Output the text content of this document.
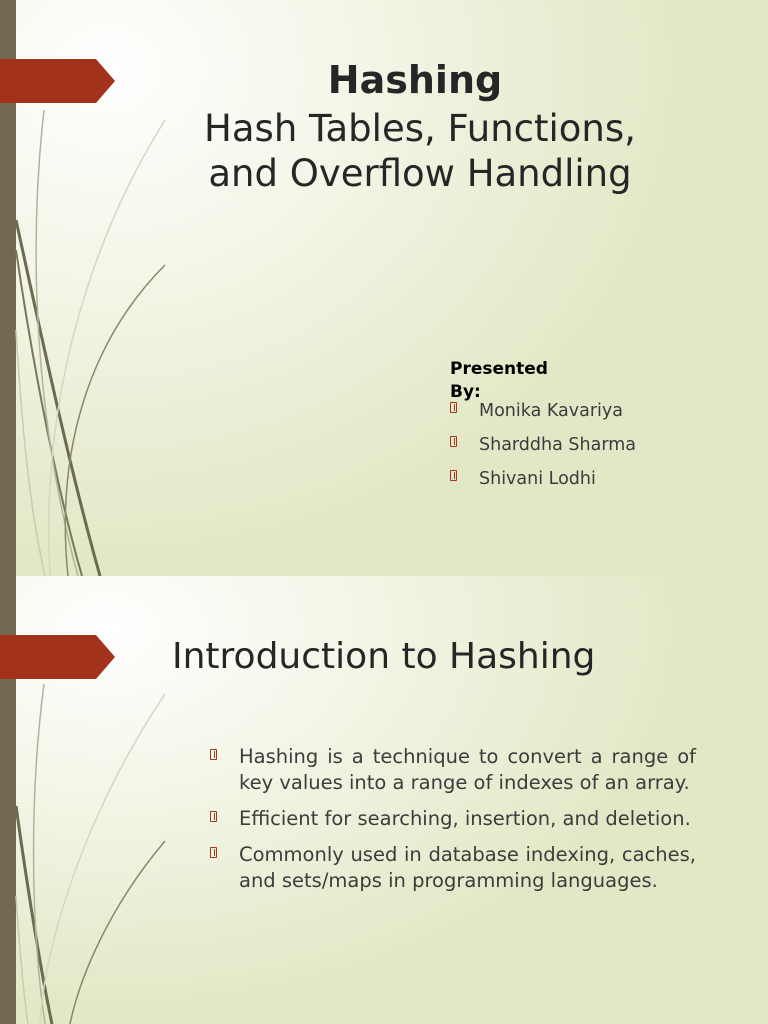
Hashing
Hash Tables, Functions,
and Overflow Handling
Presented By:
Monika Kavariya
Sharddha Sharma
Shivani Lodhi
Introduction to Hashing
Hashing is a technique to convert a range of key values into a range of indexes of an array.
Efficient for searching, insertion, and deletion.
Commonly used in database indexing, caches, and sets/maps in programming languages.
